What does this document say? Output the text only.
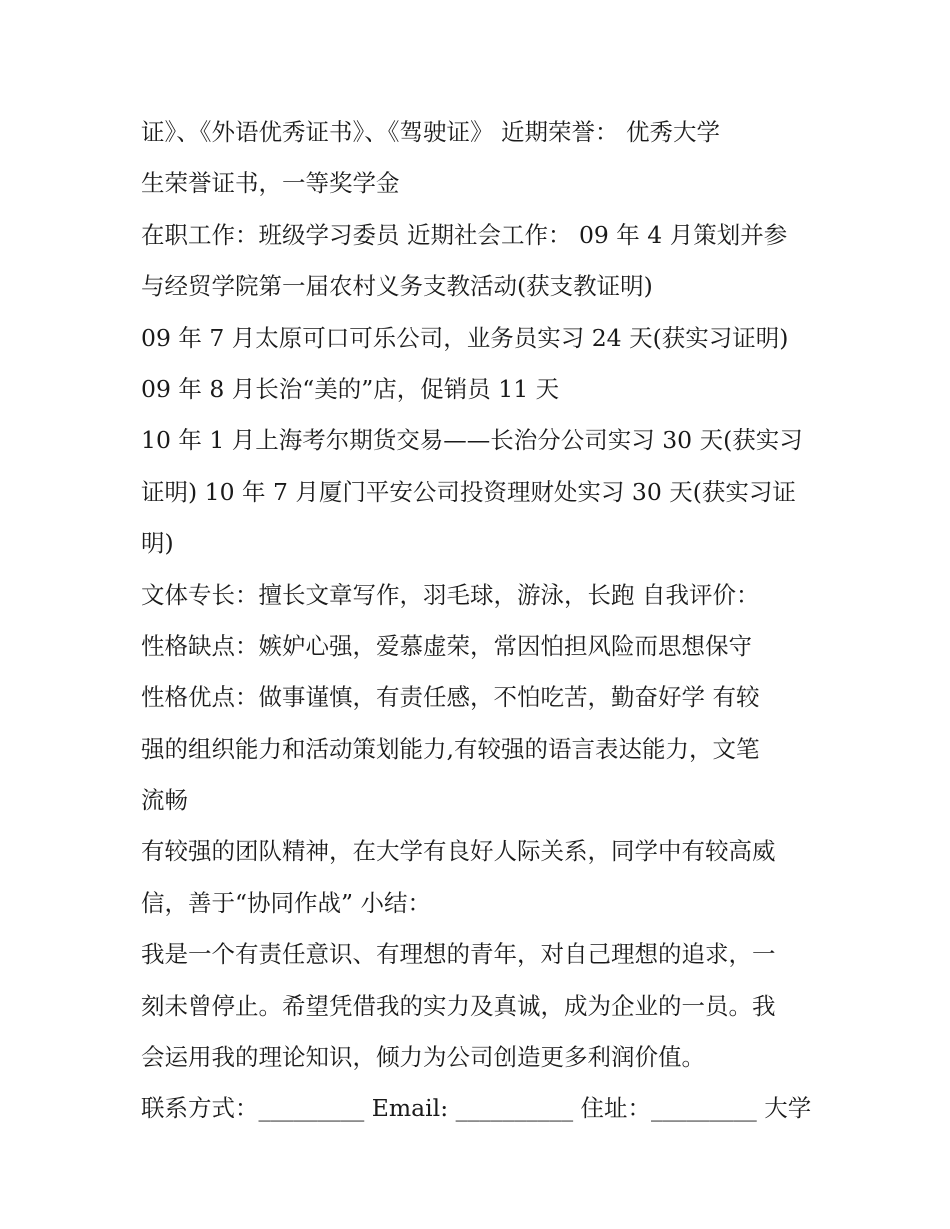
证》、《外语优秀证书》、《驾驶证》 近期荣誉： 优秀大学
生荣誉证书，一等奖学金
在职工作：班级学习委员 近期社会工作： 09 年 4 月策划并参
与经贸学院第一届农村义务支教活动(获支教证明)
09 年 7 月太原可口可乐公司，业务员实习 24 天(获实习证明)
09 年 8 月长治“美的”店，促销员 11 天
10 年 1 月上海考尔期货交易——长治分公司实习 30 天(获实习
证明) 10 年 7 月厦门平安公司投资理财处实习 30 天(获实习证
明)
文体专长：擅长文章写作，羽毛球，游泳，长跑 自我评价：
性格缺点：嫉妒心强，爱慕虚荣，常因怕担风险而思想保守
性格优点：做事谨慎，有责任感，不怕吃苦，勤奋好学 有较
强的组织能力和活动策划能力,有较强的语言表达能力，文笔
流畅
有较强的团队精神，在大学有良好人际关系，同学中有较高威
信，善于“协同作战” 小结：
我是一个有责任意识、有理想的青年，对自己理想的追求，一
刻未曾停止。希望凭借我的实力及真诚，成为企业的一员。我
会运用我的理论知识，倾力为公司创造更多利润价值。
联系方式：_________ Email: __________ 住址：_________ 大学
